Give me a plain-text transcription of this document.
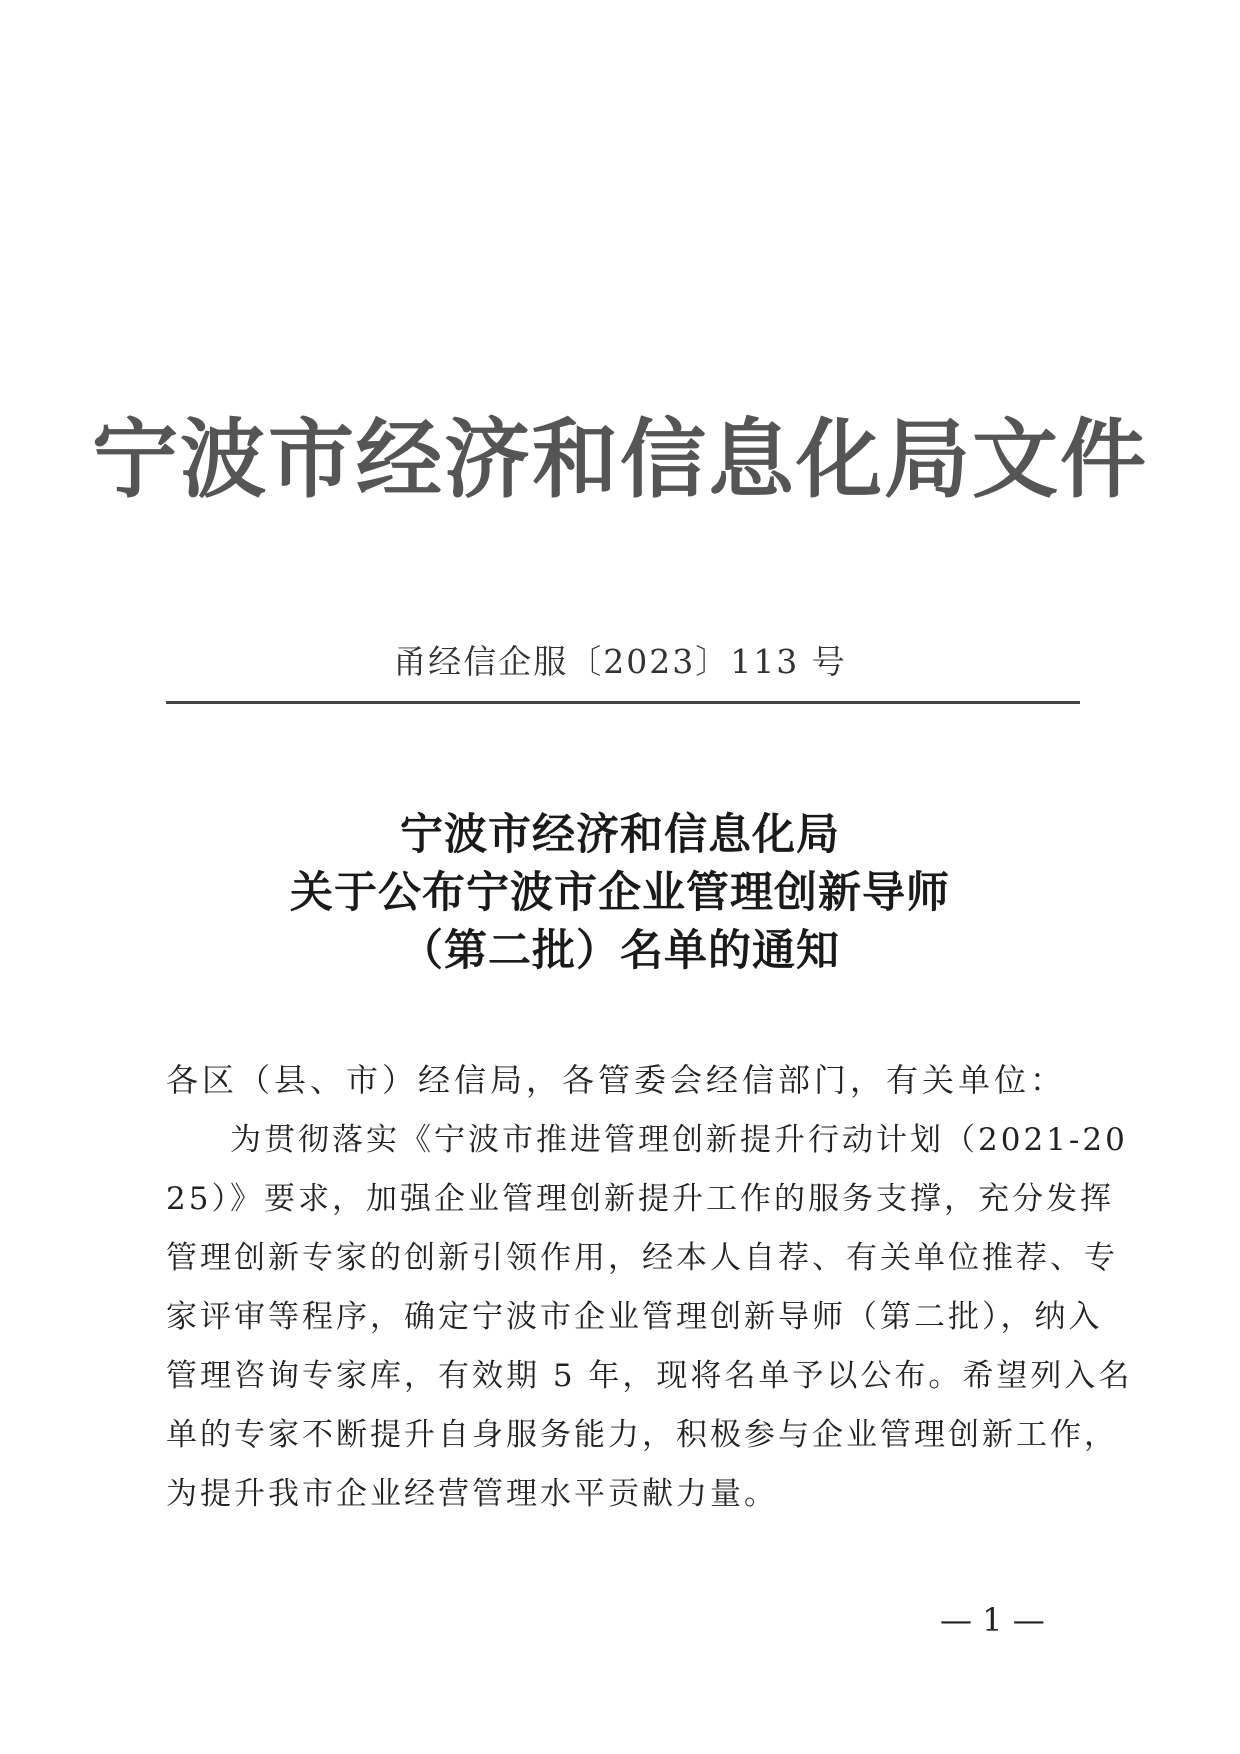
宁波市经济和信息化局文件
甬经信企服〔2023〕113 号
宁波市经济和信息化局
关于公布宁波市企业管理创新导师
（第二批）名单的通知
各区（县、市）经信局，各管委会经信部门，有关单位：
为贯彻落实《宁波市推进管理创新提升行动计划（2021-20
25）》要求，加强企业管理创新提升工作的服务支撑，充分发挥
管理创新专家的创新引领作用，经本人自荐、有关单位推荐、专
家评审等程序，确定宁波市企业管理创新导师（第二批），纳入
管理咨询专家库，有效期 5 年，现将名单予以公布。希望列入名
单的专家不断提升自身服务能力，积极参与企业管理创新工作，
为提升我市企业经营管理水平贡献力量。
— 1 —
